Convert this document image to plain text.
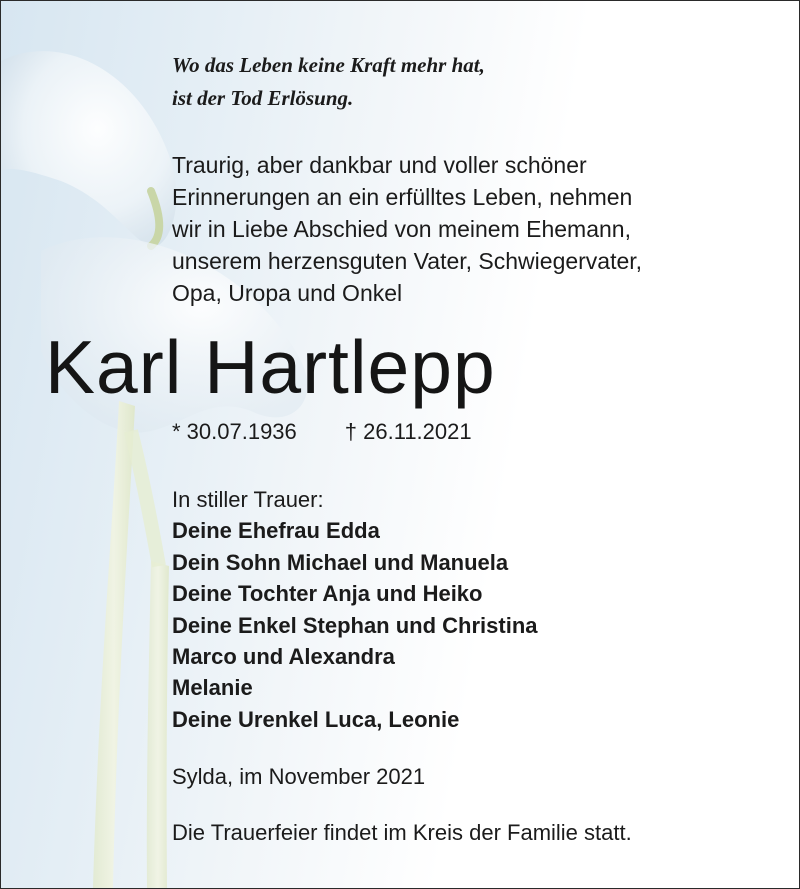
Wo das Leben keine Kraft mehr hat,
ist der Tod Erlösung.
Traurig, aber dankbar und voller schöner
Erinnerungen an ein erfülltes Leben, nehmen
wir in Liebe Abschied von meinem Ehemann,
unserem herzensguten Vater, Schwiegervater,
Opa, Uropa und Onkel
Karl Hartlepp
* 30.07.1936 † 26.11.2021
In stiller Trauer:
Deine Ehefrau Edda
Dein Sohn Michael und Manuela
Deine Tochter Anja und Heiko
Deine Enkel Stephan und Christina
Marco und Alexandra
Melanie
Deine Urenkel Luca, Leonie
Sylda, im November 2021
Die Trauerfeier findet im Kreis der Familie statt.
